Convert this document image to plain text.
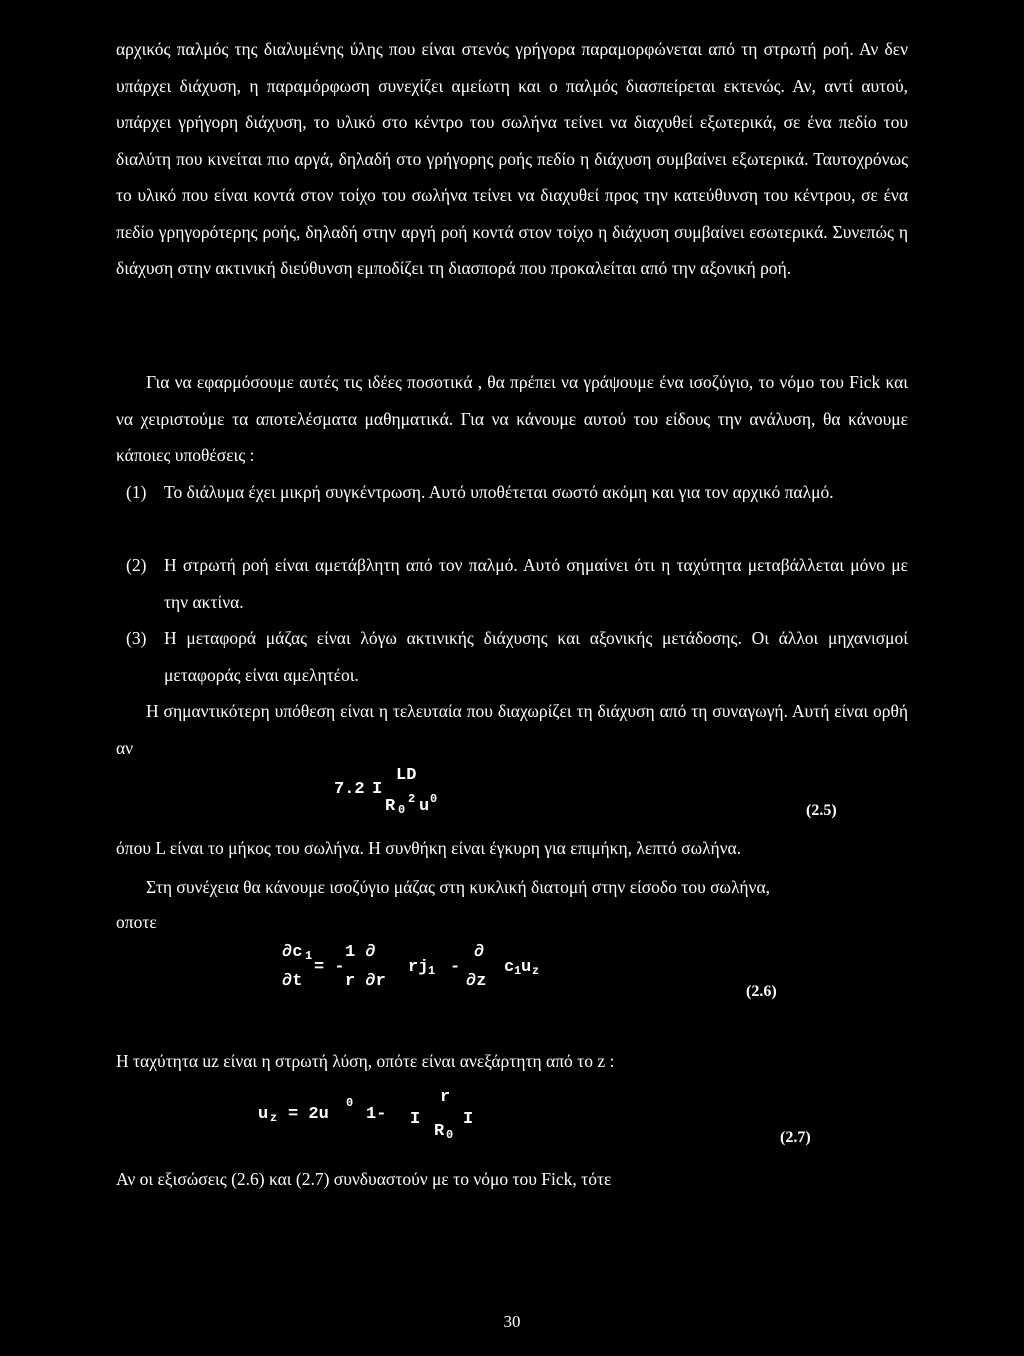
αρχικός παλμός της διαλυμένης ύλης που είναι στενός γρήγορα παραμορφώνεται από τη στρωτή ροή. Αν δεν υπάρχει διάχυση, η παραμόρφωση συνεχίζει αμείωτη και ο παλμός διασπείρεται εκτενώς. Αν, αντί αυτού, υπάρχει γρήγορη διάχυση, το υλικό στο κέντρο του σωλήνα τείνει να διαχυθεί εξωτερικά, σε ένα πεδίο του διαλύτη που κινείται πιο αργά, δηλαδή στο γρήγορης ροής πεδίο η διάχυση συμβαίνει εξωτερικά. Ταυτοχρόνως το υλικό που είναι κοντά στον τοίχο του σωλήνα τείνει να διαχυθεί προς την κατεύθυνση του κέντρου, σε ένα πεδίο γρηγορότερης ροής, δηλαδή στην αργή ροή κοντά στον τοίχο η διάχυση συμβαίνει εσωτερικά. Συνεπώς η διάχυση στην ακτινική διεύθυνση εμποδίζει τη διασπορά που προκαλείται από την αξονική ροή.
Για να εφαρμόσουμε αυτές τις ιδέες ποσοτικά , θα πρέπει να γράψουμε ένα ισοζύγιο, το νόμο του Fick και να χειριστούμε τα αποτελέσματα μαθηματικά. Για να κάνουμε αυτού του είδους την ανάλυση, θα κάνουμε κάποιες υποθέσεις :
(1) Το διάλυμα έχει μικρή συγκέντρωση. Αυτό υποθέτεται σωστό ακόμη και για τον αρχικό παλμό.
(2) Η στρωτή ροή είναι αμετάβλητη από τον παλμό. Αυτό σημαίνει ότι η ταχύτητα μεταβάλλεται μόνο με την ακτίνα.
(3) Η μεταφορά μάζας είναι λόγω ακτινικής διάχυσης και αξονικής μετάδοσης. Οι άλλοι μηχανισμοί μεταφοράς είναι αμελητέοι.
Η σημαντικότερη υπόθεση είναι η τελευταία που διαχωρίζει τη διάχυση από τη συναγωγή. Αυτή είναι ορθή αν
7.2 I
LD
R 0
2 u 0
(2.5)
όπου L είναι το μήκος του σωλήνα. Η συνθήκη είναι έγκυρη για επιμήκη, λεπτό σωλήνα.
Στη συνέχεια θα κάνουμε ισοζύγιο μάζας στη κυκλική διατομή στην είσοδο του σωλήνα,
οποτε
∂c 1
∂t
= -
1 ∂
r ∂r
rj 1 -
∂
∂z
c 1 u z
(2.6)
Η ταχύτητα uz είναι η στρωτή λύση, οπότε είναι ανεξάρτητη από το z :
u z = 2u
0
1- I
r
R 0
I
(2.7)
Αν οι εξισώσεις (2.6) και (2.7) συνδυαστούν με το νόμο του Fick, τότε
30
